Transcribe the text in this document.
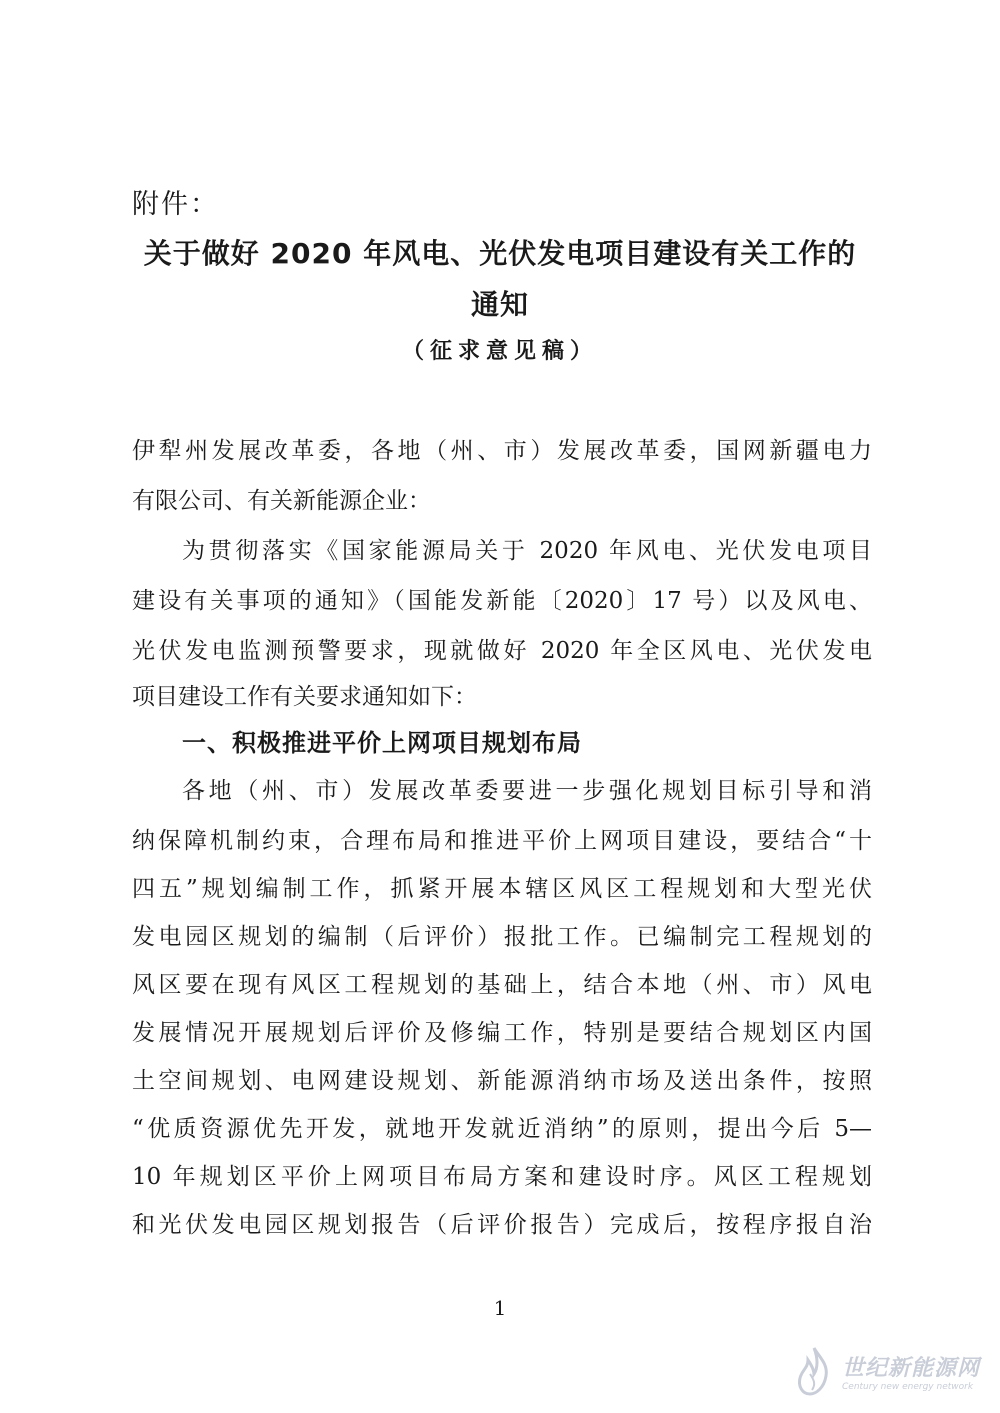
附件：
关于做好 2020 年风电、光伏发电项目建设有关工作的
通知
（征求意见稿）
伊犁州发展改革委，各地（州、市）发展改革委，国网新疆电力
有限公司、有关新能源企业：
为贯彻落实《国家能源局关于 2020 年风电、光伏发电项目
建设有关事项的通知》（国能发新能〔2020〕17 号）以及风电、
光伏发电监测预警要求，现就做好 2020 年全区风电、光伏发电
项目建设工作有关要求通知如下：
一、积极推进平价上网项目规划布局
各地（州、市）发展改革委要进一步强化规划目标引导和消
纳保障机制约束，合理布局和推进平价上网项目建设，要结合“十
四五”规划编制工作，抓紧开展本辖区风区工程规划和大型光伏
发电园区规划的编制（后评价）报批工作。已编制完工程规划的
风区要在现有风区工程规划的基础上，结合本地（州、市）风电
发展情况开展规划后评价及修编工作，特别是要结合规划区内国
土空间规划、电网建设规划、新能源消纳市场及送出条件，按照
“优质资源优先开发，就地开发就近消纳”的原则，提出今后 5—
10 年规划区平价上网项目布局方案和建设时序。风区工程规划
和光伏发电园区规划报告（后评价报告）完成后，按程序报自治
1
世纪新能源网
Century new energy network
